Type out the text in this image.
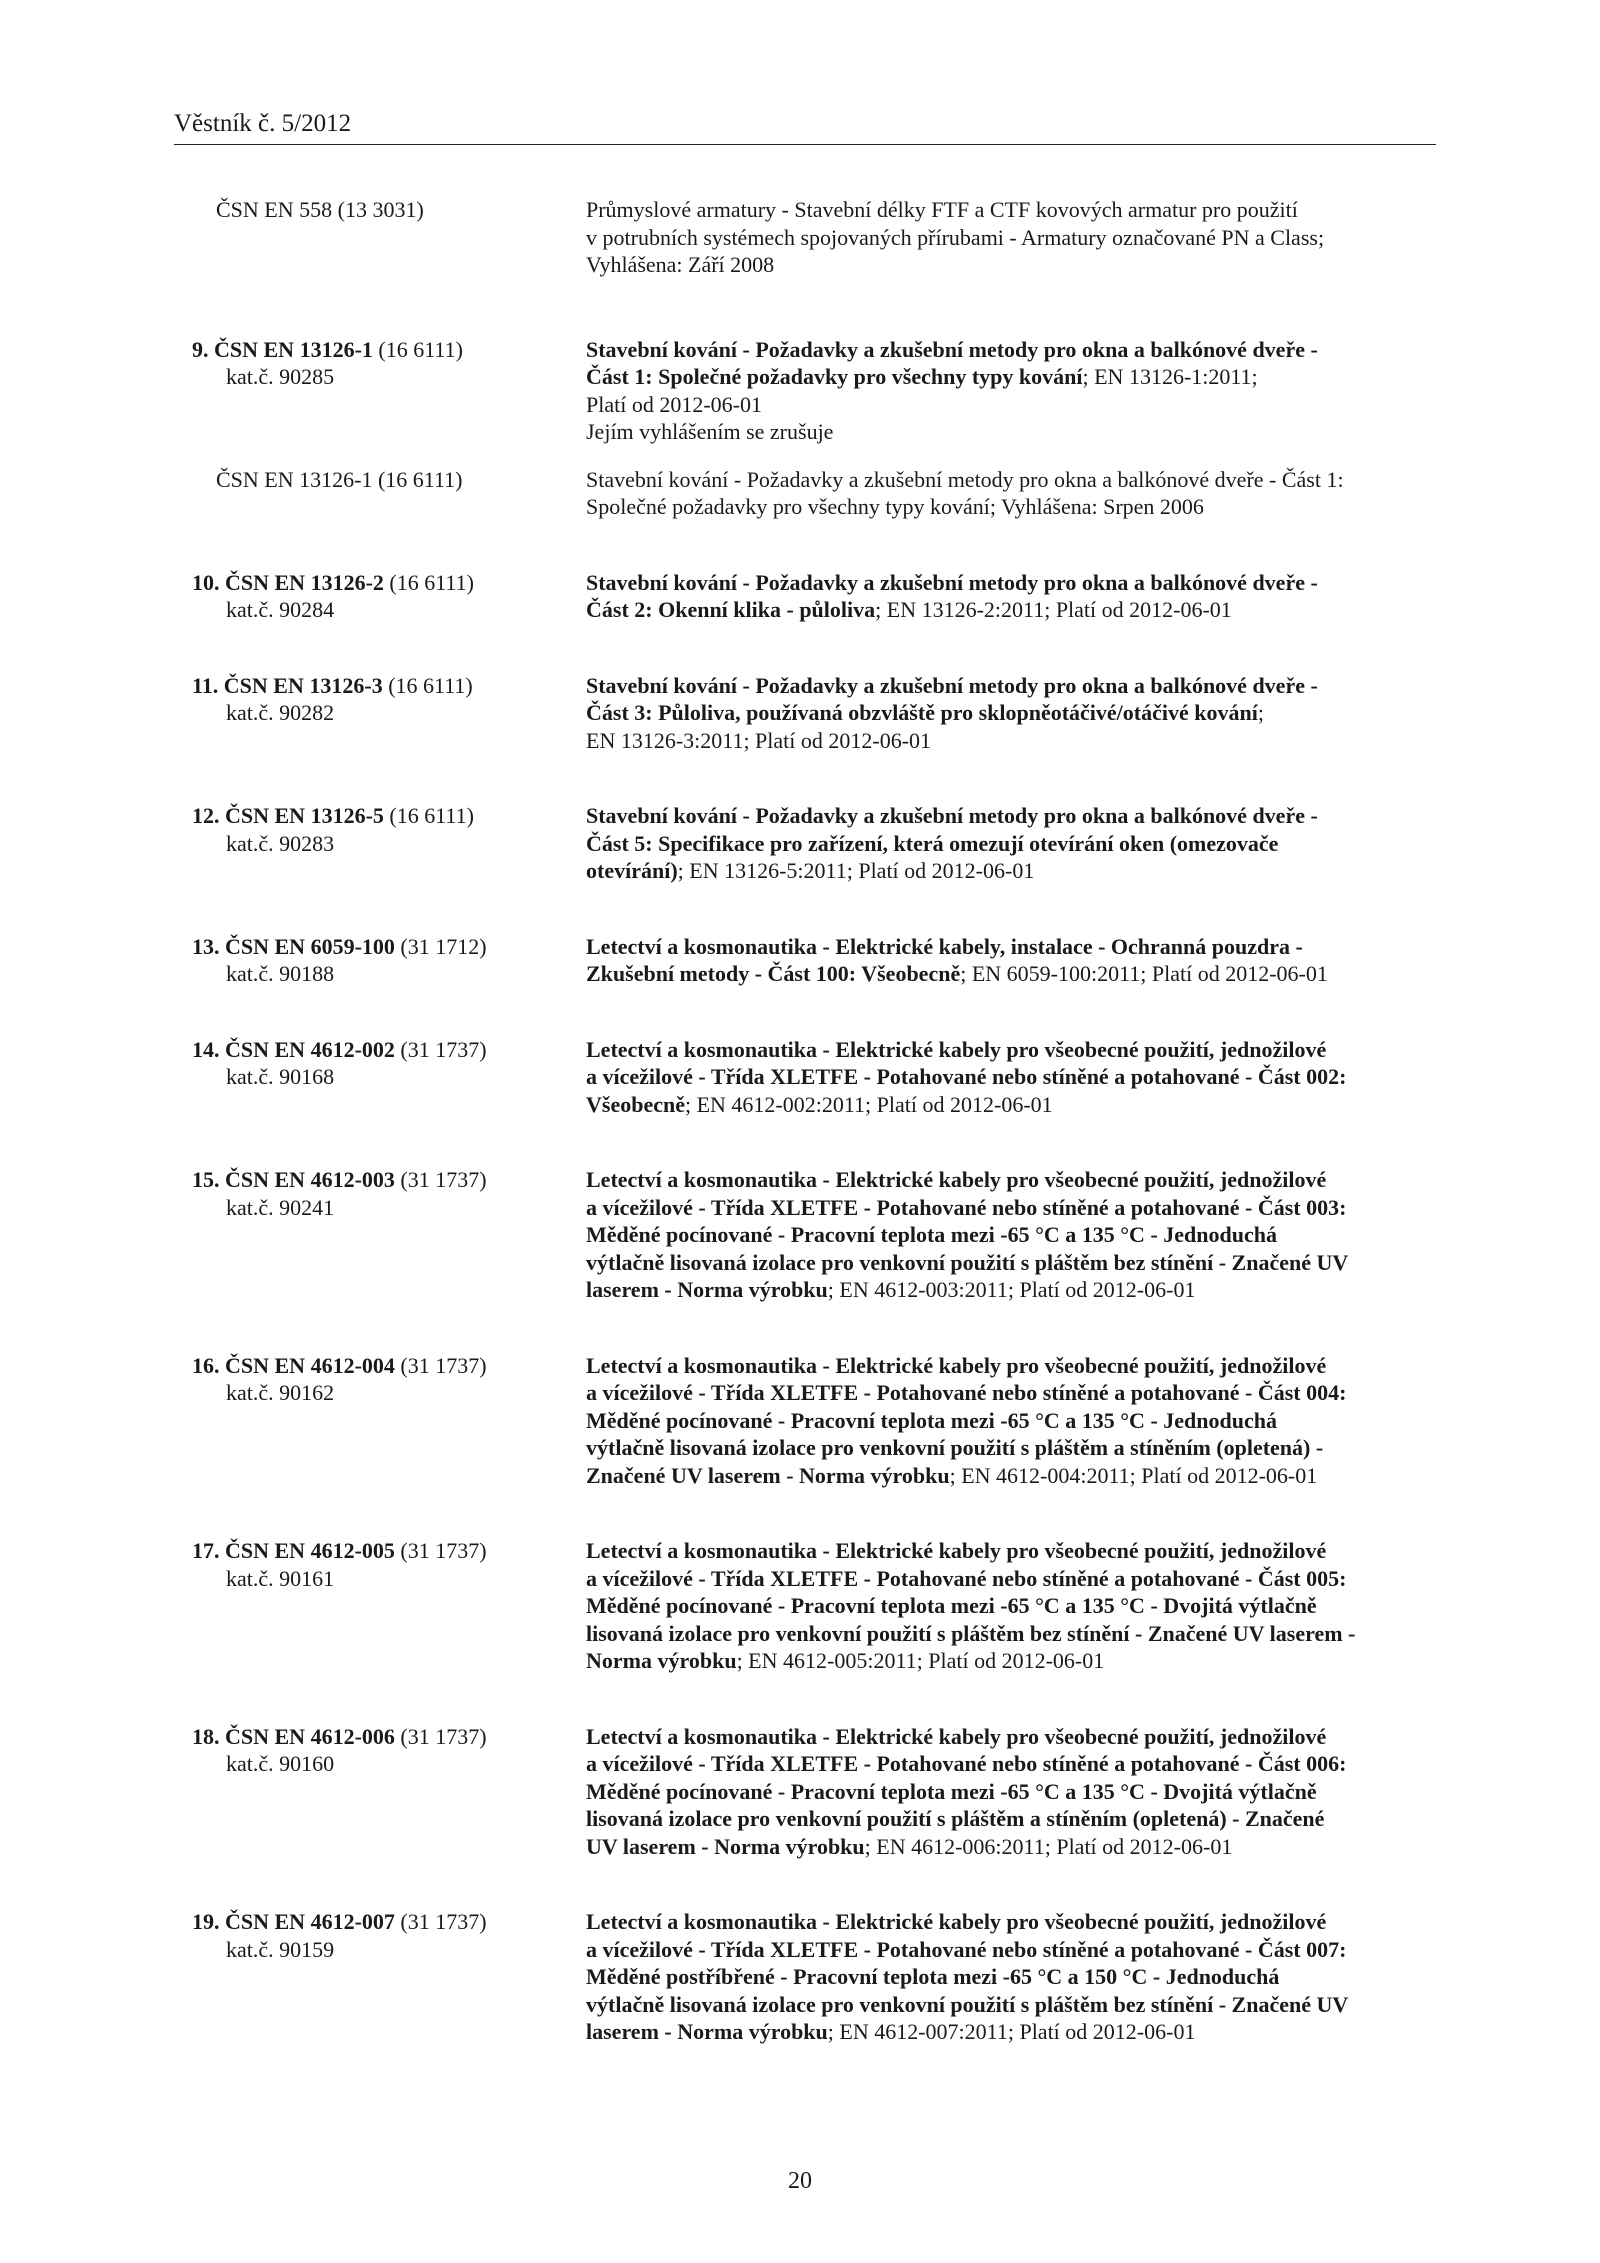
Věstník č. 5/2012
ČSN EN 558 (13 3031)	Průmyslové armatury - Stavební délky FTF a CTF kovových armatur pro použití
v potrubních systémech spojovaných přírubami - Armatury označované PN a Class;
Vyhlášena: Září 2008
9. ČSN EN 13126-1 (16 6111)
kat.č. 90285
Stavební kování - Požadavky a zkušební metody pro okna a balkónové dveře -
Část 1: Společné požadavky pro všechny typy kování; EN 13126-1:2011;
Platí od 2012-06-01
Jejím vyhlášením se zrušuje
ČSN EN 13126-1 (16 6111)	Stavební kování - Požadavky a zkušební metody pro okna a balkónové dveře - Část 1:
Společné požadavky pro všechny typy kování; Vyhlášena: Srpen 2006
10. ČSN EN 13126-2 (16 6111)
kat.č. 90284
Stavební kování - Požadavky a zkušební metody pro okna a balkónové dveře -
Část 2: Okenní klika - půloliva; EN 13126-2:2011; Platí od 2012-06-01
11. ČSN EN 13126-3 (16 6111)
kat.č. 90282
Stavební kování - Požadavky a zkušební metody pro okna a balkónové dveře -
Část 3: Půloliva, používaná obzvláště pro sklopněotáčivé/otáčivé kování;
EN 13126-3:2011; Platí od 2012-06-01
12. ČSN EN 13126-5 (16 6111)
kat.č. 90283
Stavební kování - Požadavky a zkušební metody pro okna a balkónové dveře -
Část 5: Specifikace pro zařízení, která omezují otevírání oken (omezovače
otevírání); EN 13126-5:2011; Platí od 2012-06-01
13. ČSN EN 6059-100 (31 1712)
kat.č. 90188
Letectví a kosmonautika - Elektrické kabely, instalace - Ochranná pouzdra -
Zkušební metody - Část 100: Všeobecně; EN 6059-100:2011; Platí od 2012-06-01
14. ČSN EN 4612-002 (31 1737)
kat.č. 90168
Letectví a kosmonautika - Elektrické kabely pro všeobecné použití, jednožilové
a vícežilové - Třída XLETFE - Potahované nebo stíněné a potahované - Část 002:
Všeobecně; EN 4612-002:2011; Platí od 2012-06-01
15. ČSN EN 4612-003 (31 1737)
kat.č. 90241
Letectví a kosmonautika - Elektrické kabely pro všeobecné použití, jednožilové
a vícežilové - Třída XLETFE - Potahované nebo stíněné a potahované - Část 003:
Měděné pocínované - Pracovní teplota mezi -65 °C a 135 °C - Jednoduchá
výtlačně lisovaná izolace pro venkovní použití s pláštěm bez stínění - Značené UV
laserem - Norma výrobku; EN 4612-003:2011; Platí od 2012-06-01
16. ČSN EN 4612-004 (31 1737)
kat.č. 90162
Letectví a kosmonautika - Elektrické kabely pro všeobecné použití, jednožilové
a vícežilové - Třída XLETFE - Potahované nebo stíněné a potahované - Část 004:
Měděné pocínované - Pracovní teplota mezi -65 °C a 135 °C - Jednoduchá
výtlačně lisovaná izolace pro venkovní použití s pláštěm a stíněním (opletená) -
Značené UV laserem - Norma výrobku; EN 4612-004:2011; Platí od 2012-06-01
17. ČSN EN 4612-005 (31 1737)
kat.č. 90161
Letectví a kosmonautika - Elektrické kabely pro všeobecné použití, jednožilové
a vícežilové - Třída XLETFE - Potahované nebo stíněné a potahované - Část 005:
Měděné pocínované - Pracovní teplota mezi -65 °C a 135 °C - Dvojitá výtlačně
lisovaná izolace pro venkovní použití s pláštěm bez stínění - Značené UV laserem -
Norma výrobku; EN 4612-005:2011; Platí od 2012-06-01
18. ČSN EN 4612-006 (31 1737)
kat.č. 90160
Letectví a kosmonautika - Elektrické kabely pro všeobecné použití, jednožilové
a vícežilové - Třída XLETFE - Potahované nebo stíněné a potahované - Část 006:
Měděné pocínované - Pracovní teplota mezi -65 °C a 135 °C - Dvojitá výtlačně
lisovaná izolace pro venkovní použití s pláštěm a stíněním (opletená) - Značené
UV laserem - Norma výrobku; EN 4612-006:2011; Platí od 2012-06-01
19. ČSN EN 4612-007 (31 1737)
kat.č. 90159
Letectví a kosmonautika - Elektrické kabely pro všeobecné použití, jednožilové
a vícežilové - Třída XLETFE - Potahované nebo stíněné a potahované - Část 007:
Měděné postříbřené - Pracovní teplota mezi -65 °C a 150 °C - Jednoduchá
výtlačně lisovaná izolace pro venkovní použití s pláštěm bez stínění - Značené UV
laserem - Norma výrobku; EN 4612-007:2011; Platí od 2012-06-01
20
